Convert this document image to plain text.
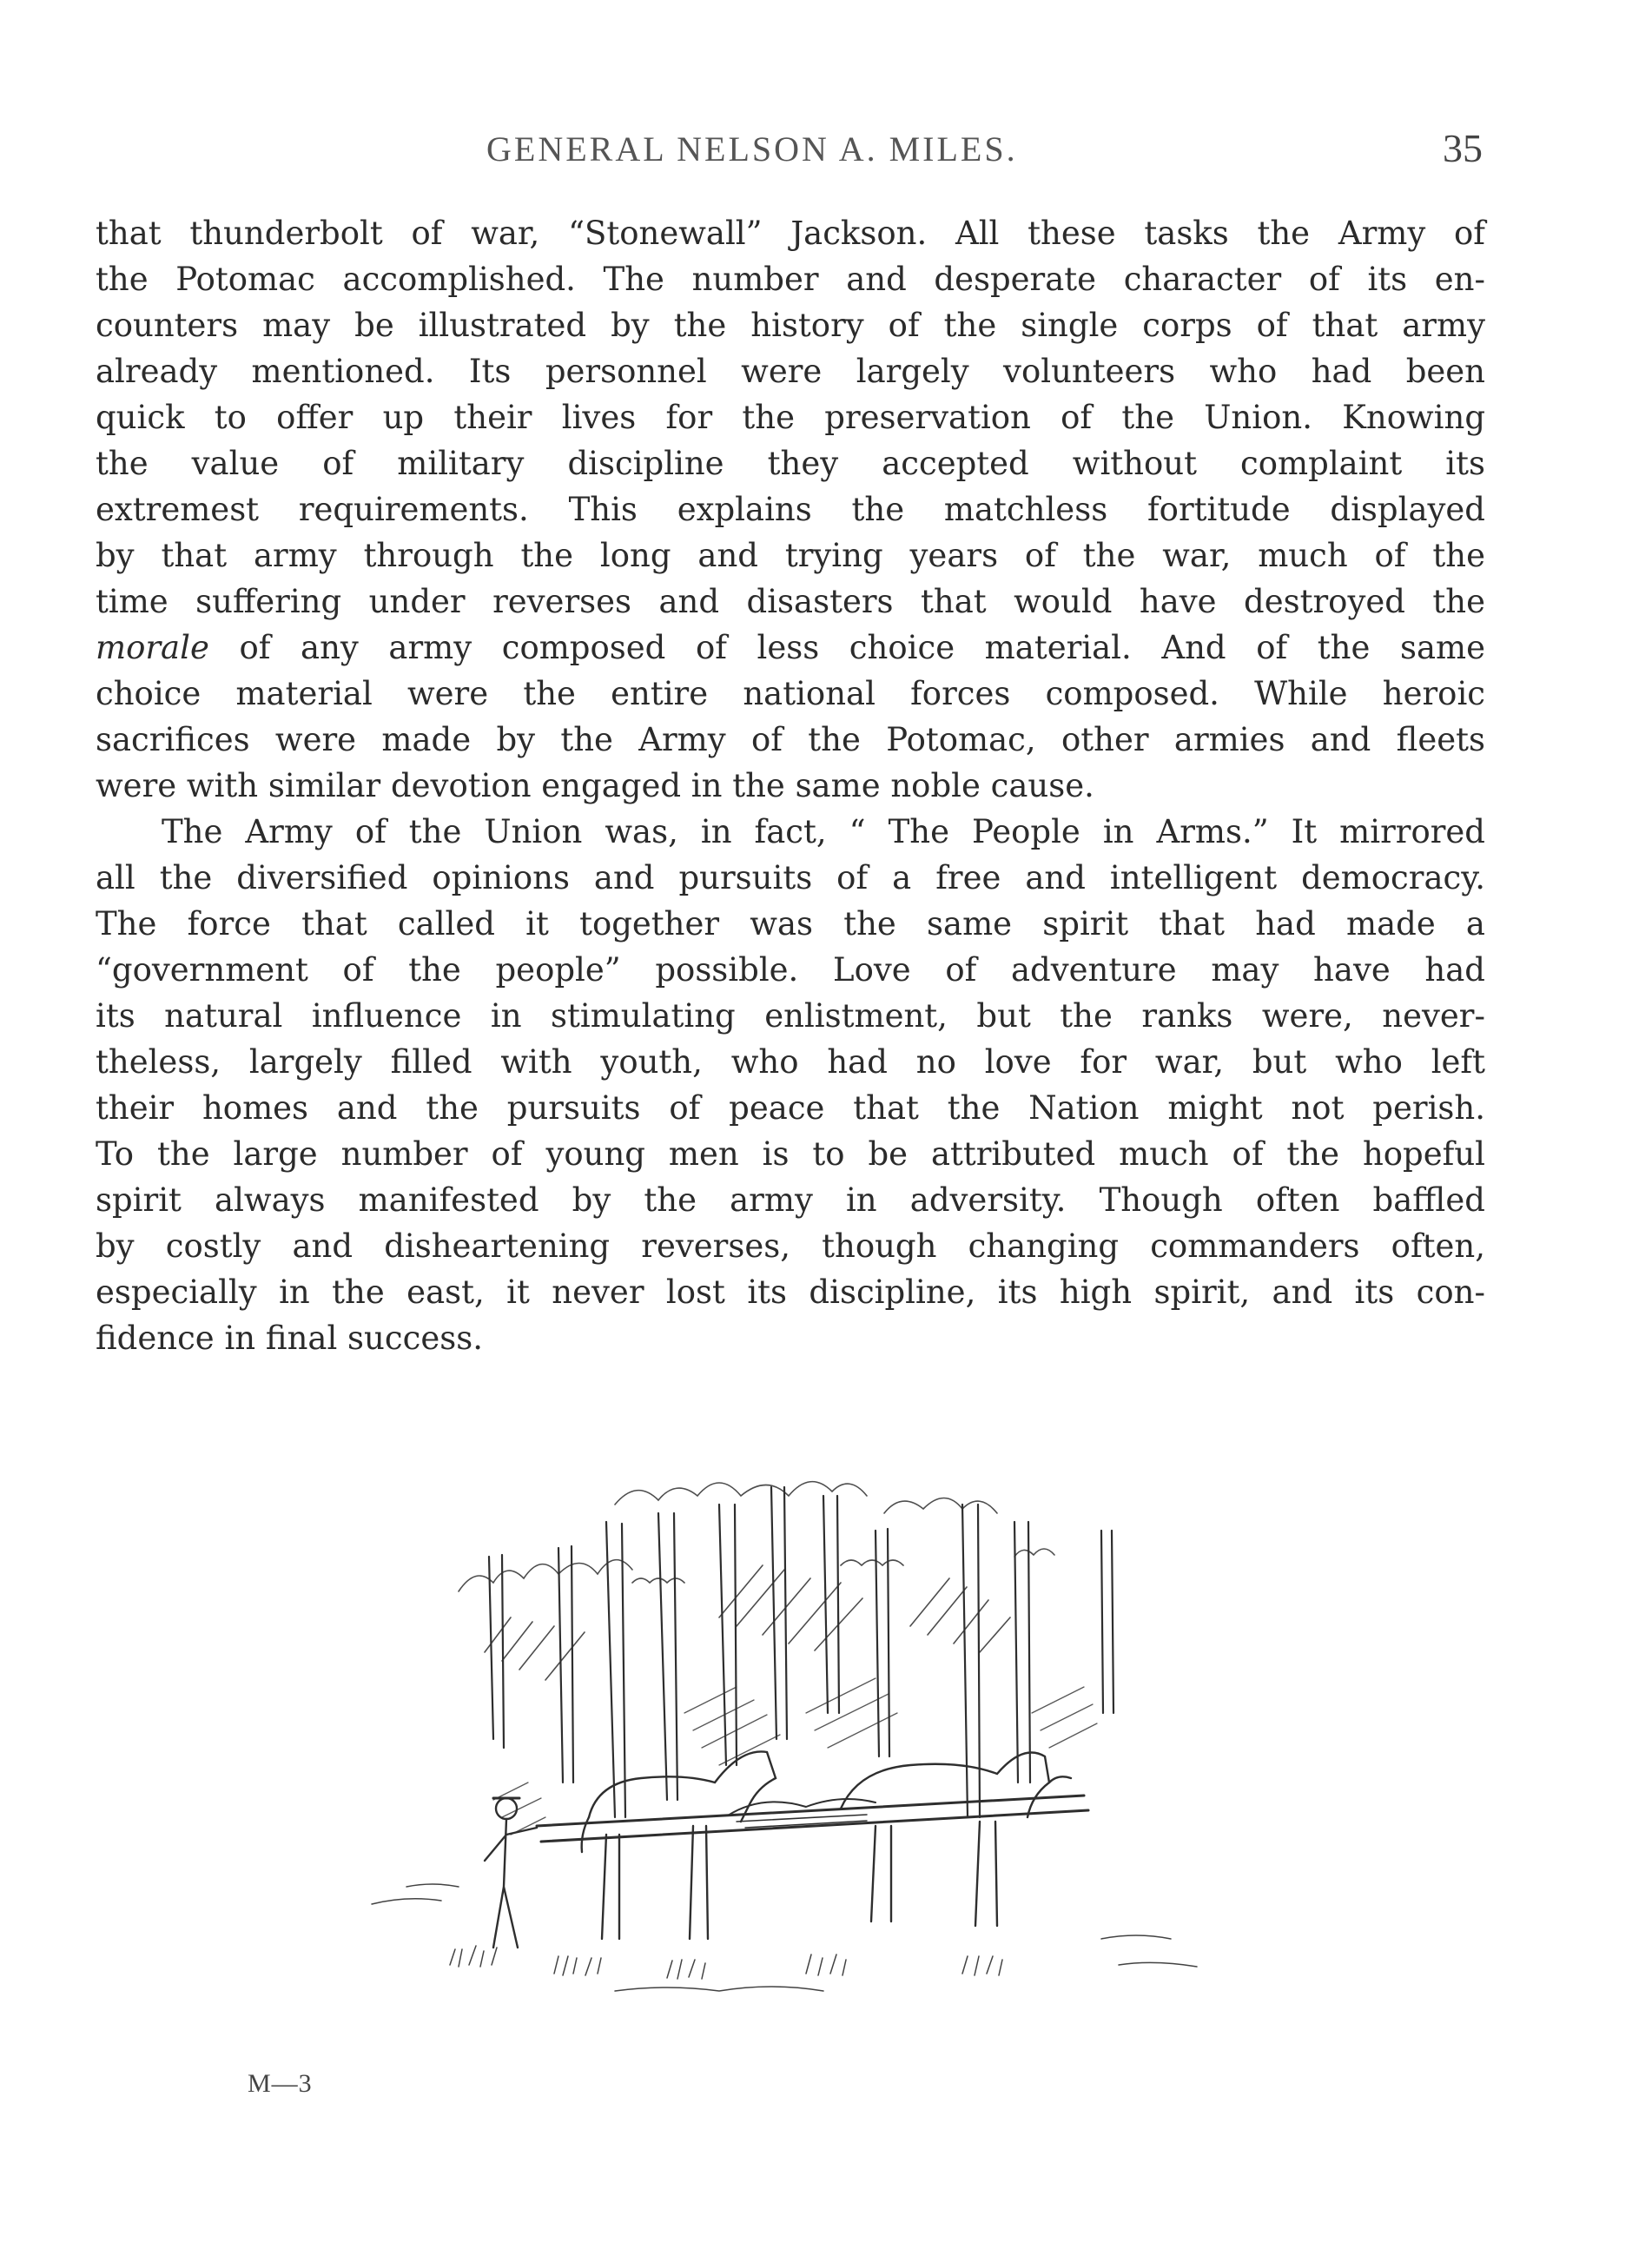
GENERAL NELSON A. MILES.	35
that thunderbolt of war, “Stonewall” Jackson. All these tasks the Army of
the Potomac accomplished. The number and desperate character of its en-
counters may be illustrated by the history of the single corps of that army
already mentioned. Its personnel were largely volunteers who had been
quick to offer up their lives for the preservation of the Union. Knowing
the value of military discipline they accepted without complaint its
extremest requirements. This explains the matchless fortitude displayed
by that army through the long and trying years of the war, much of the
time suffering under reverses and disasters that would have destroyed the
morale of any army composed of less choice material. And of the same
choice material were the entire national forces composed. While heroic
sacrifices were made by the Army of the Potomac, other armies and fleets
were with similar devotion engaged in the same noble cause.
The Army of the Union was, in fact, “ The People in Arms.” It mirrored
all the diversified opinions and pursuits of a free and intelligent democracy.
The force that called it together was the same spirit that had made a
“government of the people” possible. Love of adventure may have had
its natural influence in stimulating enlistment, but the ranks were, never-
theless, largely filled with youth, who had no love for war, but who left
their homes and the pursuits of peace that the Nation might not perish.
To the large number of young men is to be attributed much of the hopeful
spirit always manifested by the army in adversity. Though often baffled
by costly and disheartening reverses, though changing commanders often,
especially in the east, it never lost its discipline, its high spirit, and its con-
fidence in final success.
M—3
